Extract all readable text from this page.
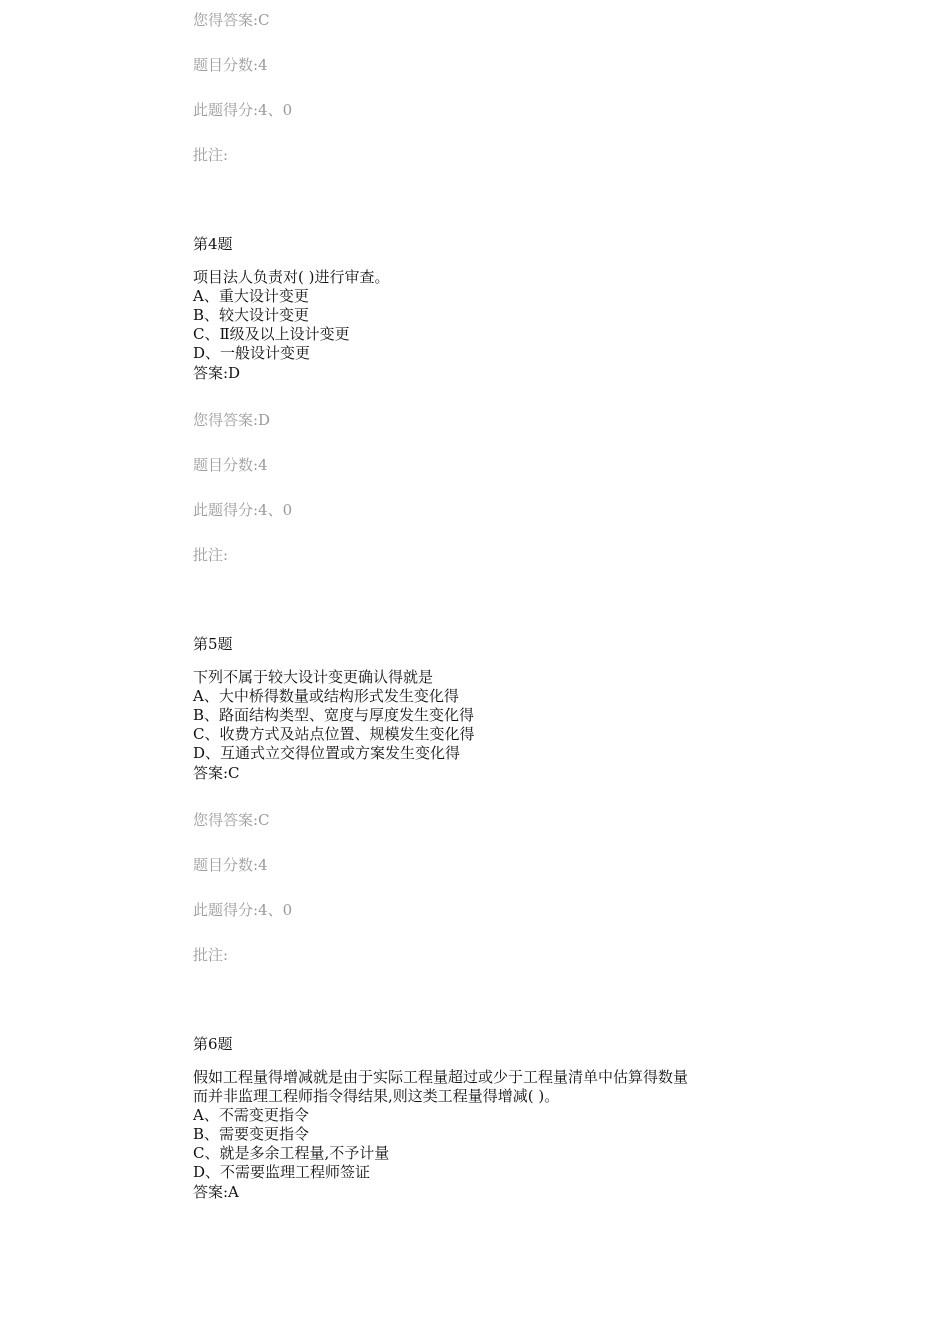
您得答案:C

题目分数:4

此题得分:4、0

批注:

第4题

项目法人负责对( )进行审查。

A、重大设计变更

B、较大设计变更

C、Ⅱ级及以上设计变更

D、一般设计变更

答案:D

您得答案:D

题目分数:4

此题得分:4、0

批注:

第5题

下列不属于较大设计变更确认得就是

A、大中桥得数量或结构形式发生变化得

B、路面结构类型、宽度与厚度发生变化得

C、收费方式及站点位置、规模发生变化得

D、互通式立交得位置或方案发生变化得

答案:C

您得答案:C

题目分数:4

此题得分:4、0

批注:

第6题

假如工程量得增减就是由于实际工程量超过或少于工程量清单中估算得数量

而并非监理工程师指令得结果,则这类工程量得增减( )。

A、不需变更指令

B、需要变更指令

C、就是多余工程量,不予计量

D、不需要监理工程师签证

答案:A
